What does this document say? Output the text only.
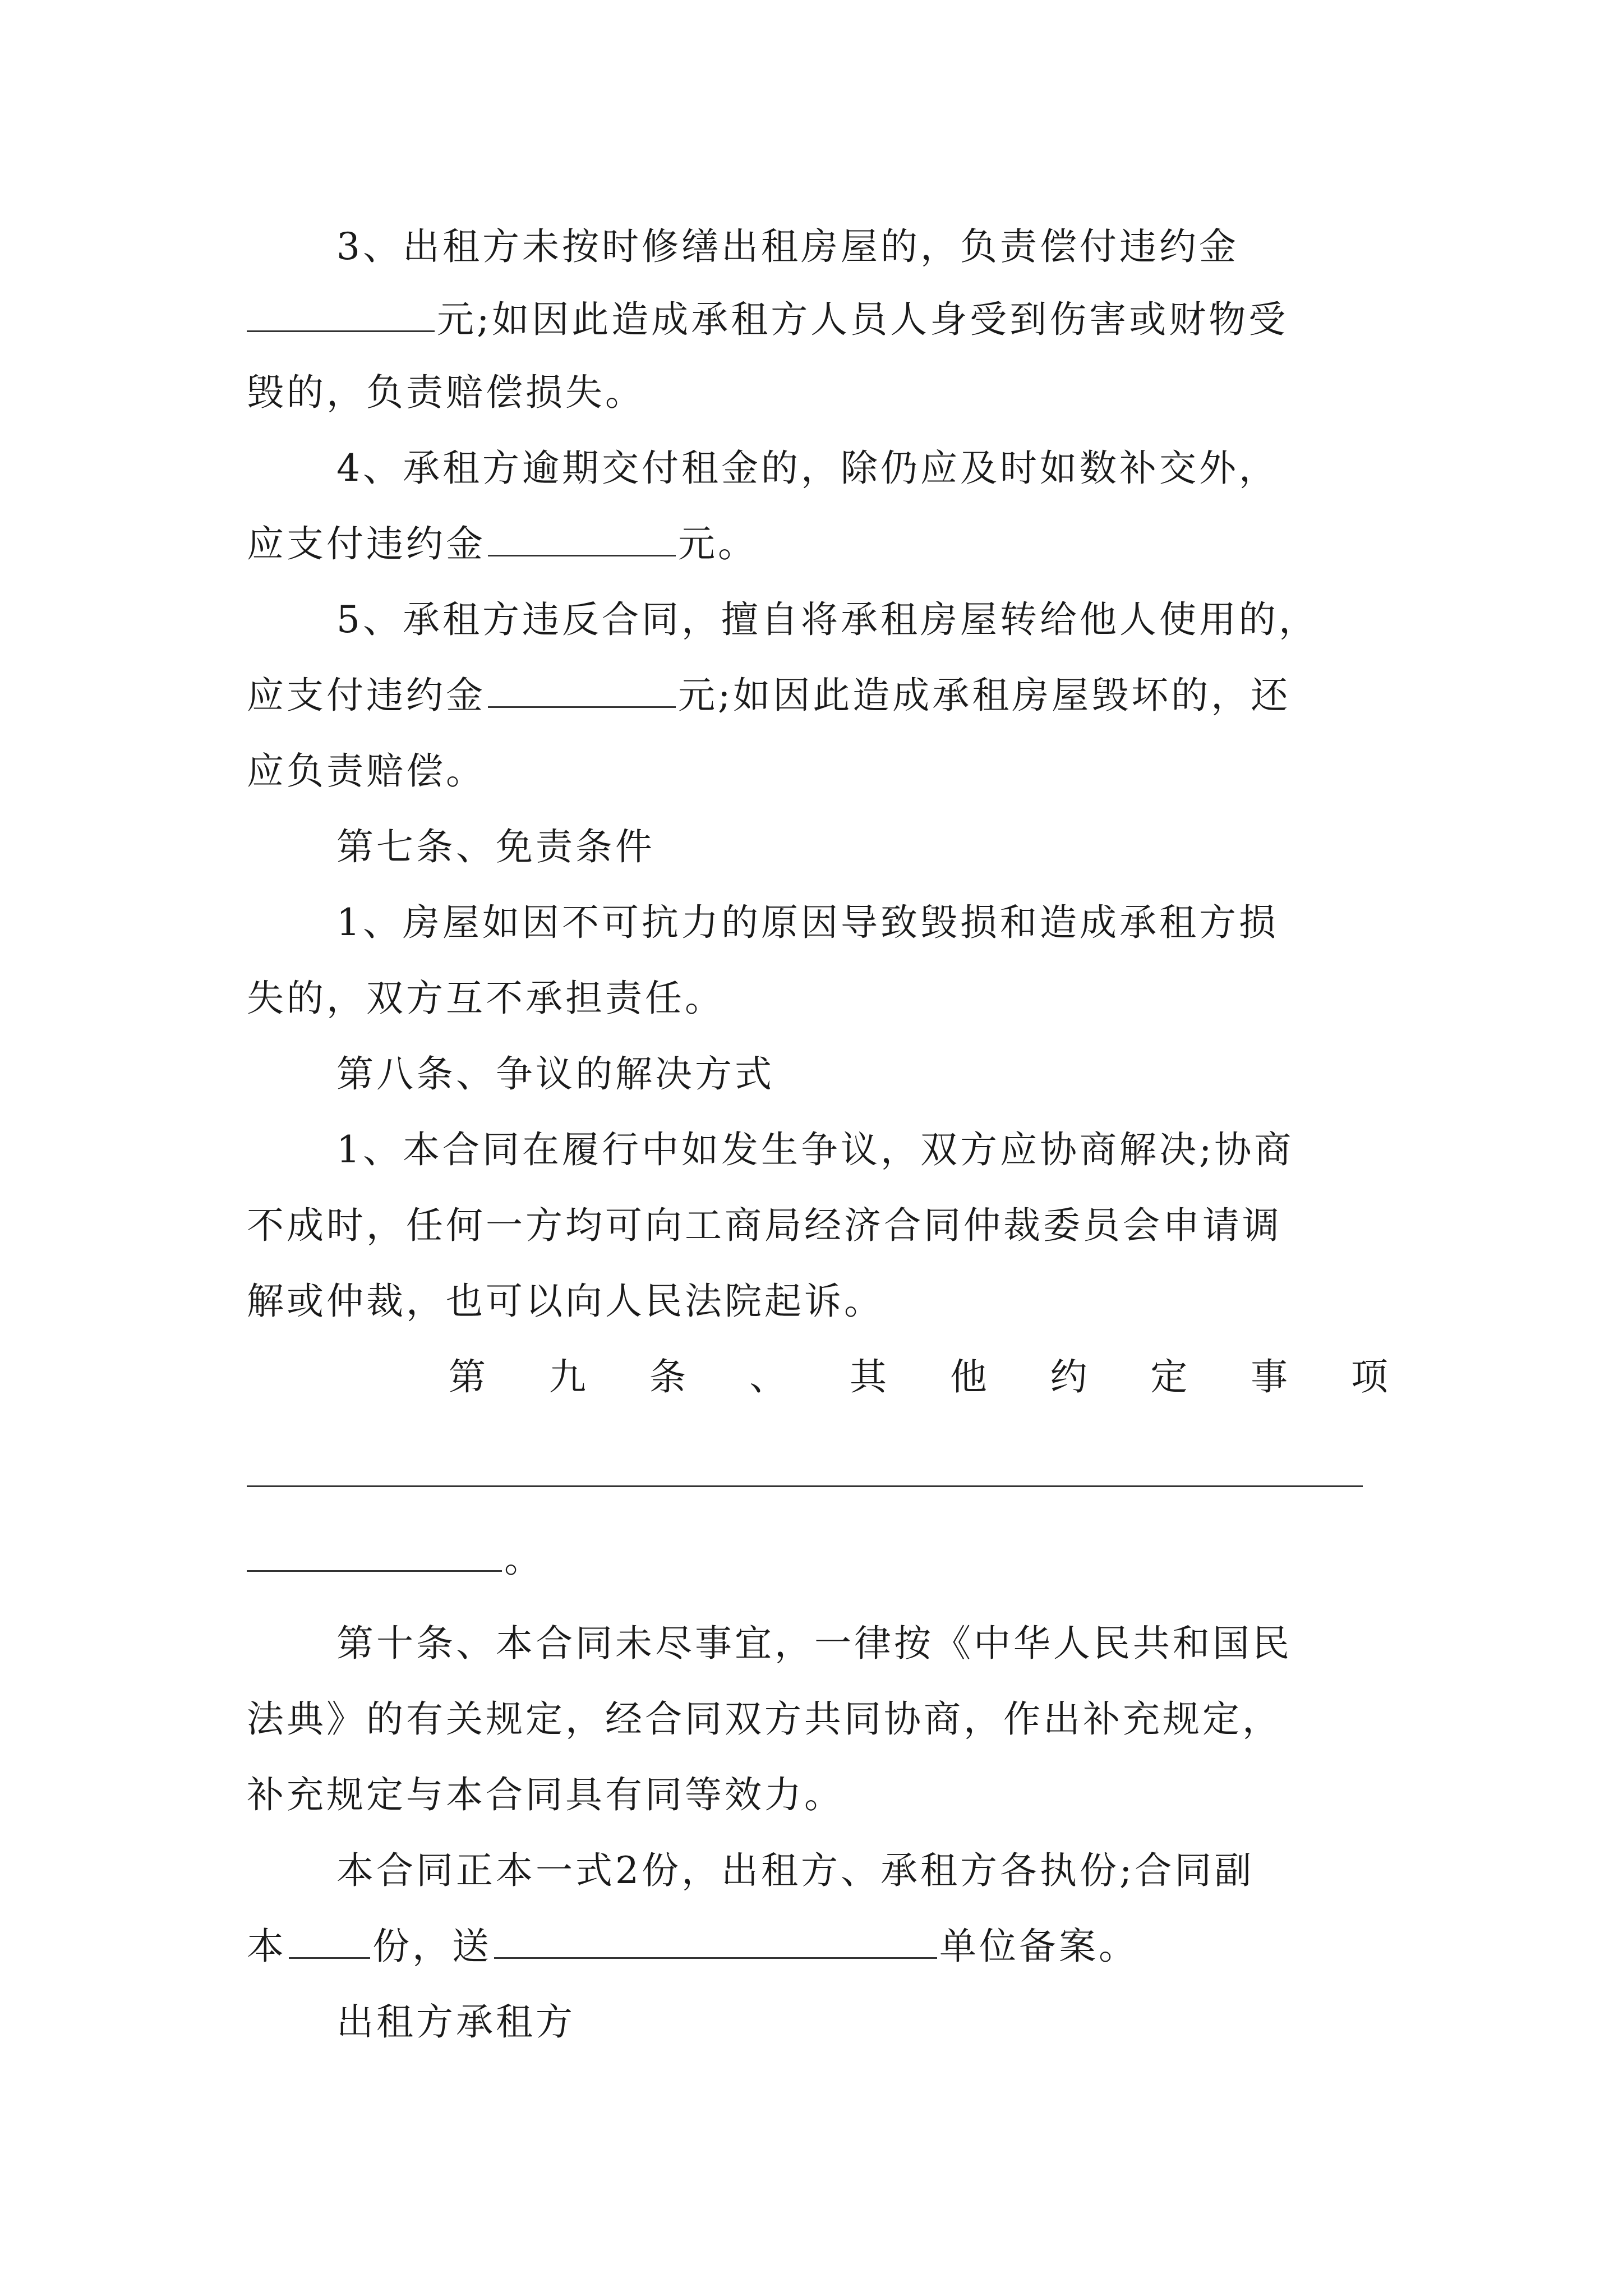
3、出租方未按时修缮出租房屋的，负责偿付违约金
元;如因此造成承租方人员人身受到伤害或财物受
毁的，负责赔偿损失。
4、承租方逾期交付租金的，除仍应及时如数补交外，
应支付违约金	元。
5、承租方违反合同，擅自将承租房屋转给他人使用的，
应支付违约金	元;如因此造成承租房屋毁坏的，还
应负责赔偿。
第七条、免责条件
1、房屋如因不可抗力的原因导致毁损和造成承租方损
失的，双方互不承担责任。
第八条、争议的解决方式
1、本合同在履行中如发生争议，双方应协商解决;协商
不成时，任何一方均可向工商局经济合同仲裁委员会申请调
解或仲裁，也可以向人民法院起诉。
第 九 条 、 其 他 约 定 事 项
。
第十条、本合同未尽事宜，一律按《中华人民共和国民
法典》的有关规定，经合同双方共同协商，作出补充规定，
补充规定与本合同具有同等效力。
本合同正本一式2份，出租方、承租方各执份;合同副
本 份，送	单位备案。
出租方承租方
